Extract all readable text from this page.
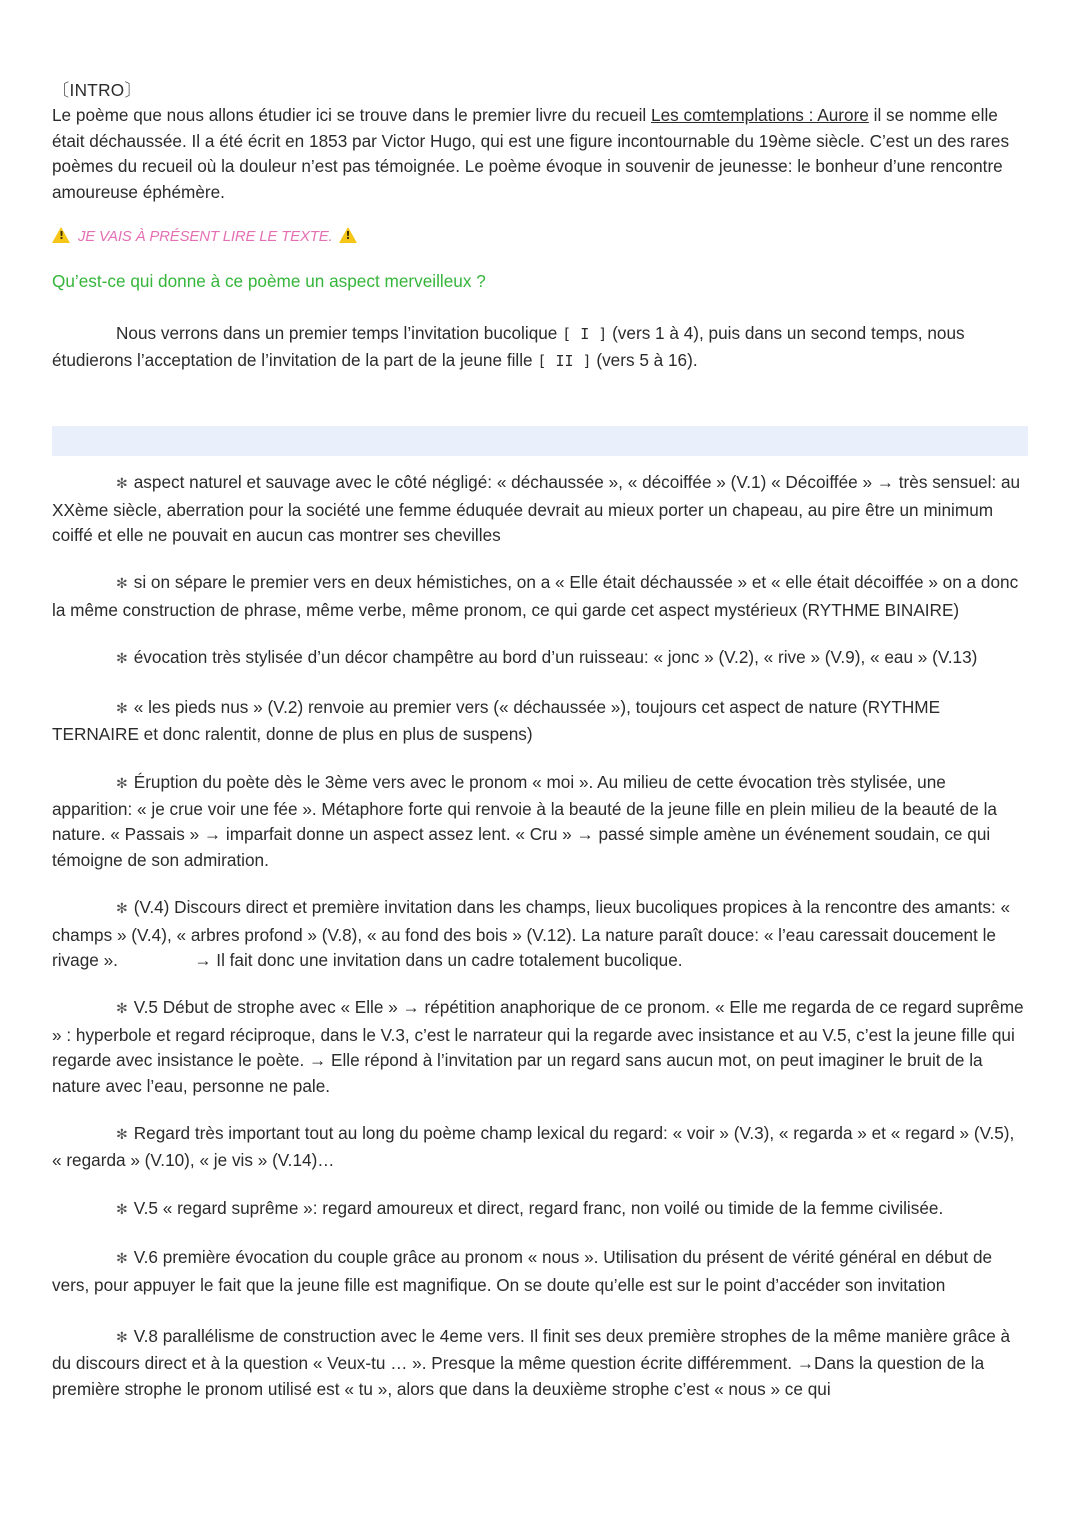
〔INTRO〕

Le poème que nous allons étudier ici se trouve dans le premier livre du recueil Les comtemplations : Aurore il se nomme elle était déchaussée. Il a été écrit en 1853 par Victor Hugo, qui est une figure incontournable du 19ème siècle. C’est un des rares poèmes du recueil où la douleur n’est pas témoignée. Le poème évoque in souvenir de jeunesse: le bonheur d’une rencontre amoureuse éphémère.

! JE VAIS À PRÉSENT LIRE LE TEXTE.!

Qu’est-ce qui donne à ce poème un aspect merveilleux ?

Nous verrons dans un premier temps l’invitation bucolique [ I ] (vers 1 à 4), puis dans un second temps, nous étudierons l’acceptation de l’invitation de la part de la jeune fille [ II ] (vers 5 à 16).

✻ aspect naturel et sauvage avec le côté négligé: « déchaussée », « décoiffée » (V.1) « Décoiffée » → très sensuel: au XXème siècle, aberration pour la société une femme éduquée devrait au mieux porter un chapeau, au pire être un minimum coiffé et elle ne pouvait en aucun cas montrer ses chevilles

✻ si on sépare le premier vers en deux hémistiches, on a « Elle était déchaussée » et « elle était décoiffée » on a donc la même construction de phrase, même verbe, même pronom, ce qui garde cet aspect mystérieux (RYTHME BINAIRE)

✻ évocation très stylisée d’un décor champêtre au bord d’un ruisseau: « jonc » (V.2), « rive » (V.9), « eau » (V.13)

✻ « les pieds nus » (V.2) renvoie au premier vers (« déchaussée »), toujours cet aspect de nature (RYTHME TERNAIRE et donc ralentit, donne de plus en plus de suspens)

✻ Éruption du poète dès le 3ème vers avec le pronom « moi ». Au milieu de cette évocation très stylisée, une apparition: « je crue voir une fée ». Métaphore forte qui renvoie à la beauté de la jeune fille en plein milieu de la beauté de la nature. « Passais » → imparfait donne un aspect assez lent. « Cru » → passé simple amène un événement soudain, ce qui témoigne de son admiration.

✻ (V.4) Discours direct et première invitation dans les champs, lieux bucoliques propices à la rencontre des amants: « champs » (V.4), « arbres profond » (V.8), « au fond des bois » (V.12). La nature paraît douce: « l’eau caressait doucement le rivage ».                → Il fait donc une invitation dans un cadre totalement bucolique.

✻ V.5 Début de strophe avec « Elle » → répétition anaphorique de ce pronom. « Elle me regarda de ce regard suprême » : hyperbole et regard réciproque, dans le V.3, c’est le narrateur qui la regarde avec insistance et au V.5, c’est la jeune fille qui regarde avec insistance le poète. → Elle répond à l’invitation par un regard sans aucun mot, on peut imaginer le bruit de la nature avec l’eau, personne ne pale.

✻ Regard très important tout au long du poème champ lexical du regard: « voir » (V.3), « regarda » et « regard » (V.5), « regarda » (V.10), « je vis » (V.14)…

✻ V.5 « regard suprême »: regard amoureux et direct, regard franc, non voilé ou timide de la femme civilisée.

✻ V.6 première évocation du couple grâce au pronom « nous ». Utilisation du présent de vérité général en début de vers, pour appuyer le fait que la jeune fille est magnifique. On se doute qu’elle est sur le point d’accéder son invitation

✻ V.8 parallélisme de construction avec le 4eme vers. Il finit ses deux première strophes de la même manière grâce à du discours direct et à la question « Veux-tu … ». Presque la même question écrite différemment. →Dans la question de la première strophe le pronom utilisé est « tu », alors que dans la deuxième strophe c’est « nous » ce qui
